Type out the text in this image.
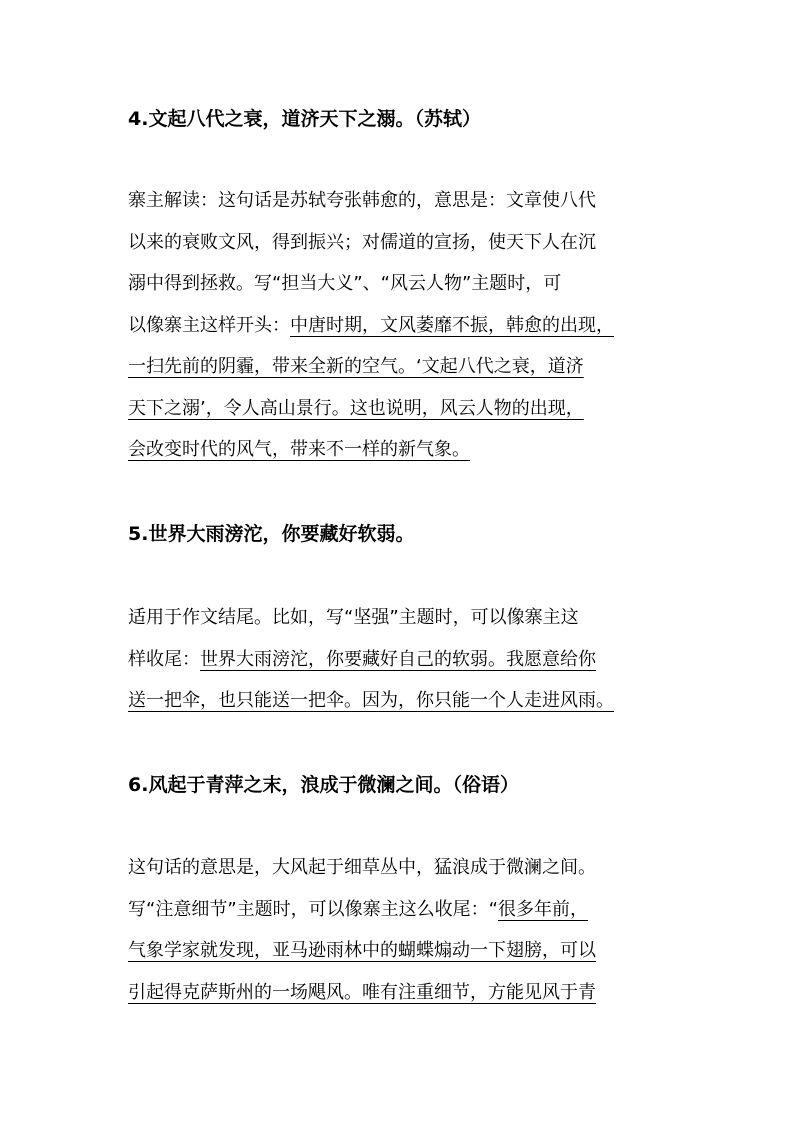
4.文起八代之衰，道济天下之溺。（苏轼）
寨主解读：这句话是苏轼夸张韩愈的，意思是：文章使八代
以来的衰败文风，得到振兴；对儒道的宣扬，使天下人在沉
溺中得到拯救。写“担当大义”、“风云人物”主题时，可
以像寨主这样开头：中唐时期，文风萎靡不振，韩愈的出现，
一扫先前的阴霾，带来全新的空气。‘文起八代之衰，道济
天下之溺’，令人高山景行。这也说明，风云人物的出现，
会改变时代的风气，带来不一样的新气象。
5.世界大雨滂沱，你要藏好软弱。
适用于作文结尾。比如，写“坚强”主题时，可以像寨主这
样收尾：世界大雨滂沱，你要藏好自己的软弱。我愿意给你
送一把伞，也只能送一把伞。因为，你只能一个人走进风雨。
6.风起于青萍之末，浪成于微澜之间。（俗语）
这句话的意思是，大风起于细草丛中，猛浪成于微澜之间。
写“注意细节”主题时，可以像寨主这么收尾：“很多年前，
气象学家就发现，亚马逊雨林中的蝴蝶煽动一下翅膀，可以
引起得克萨斯州的一场飓风。唯有注重细节，方能见风于青
